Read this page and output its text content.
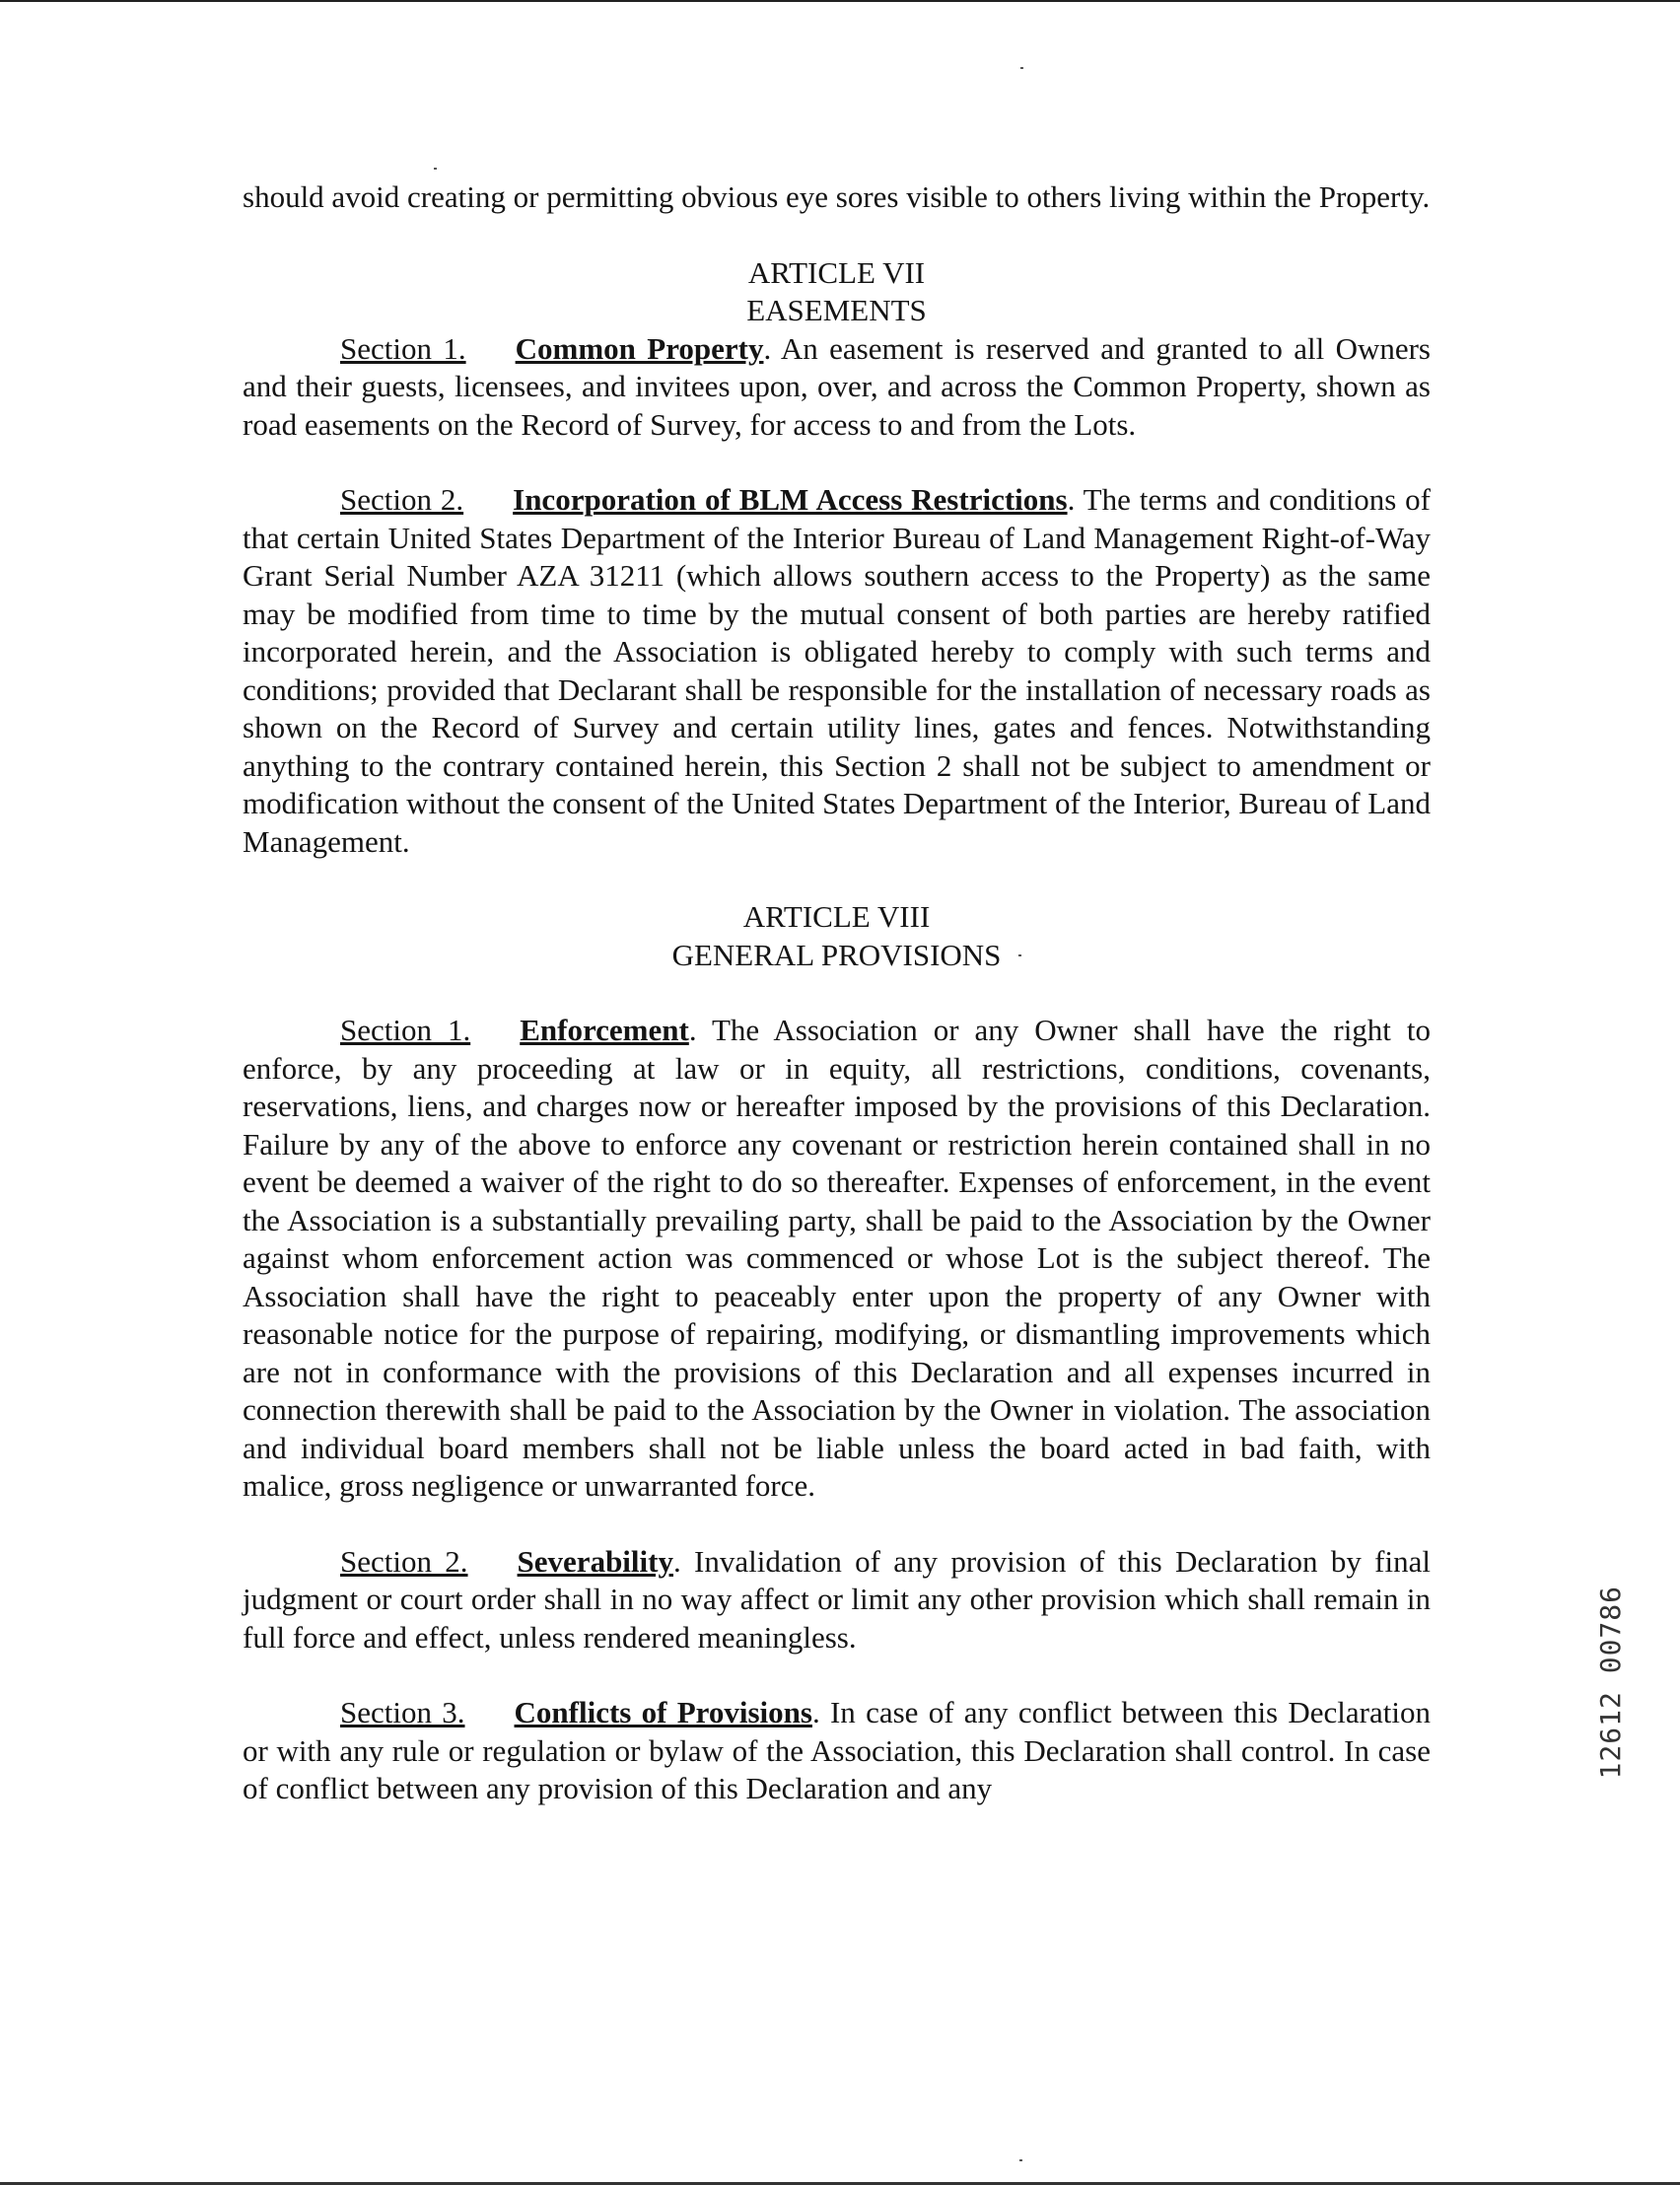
should avoid creating or permitting obvious eye sores visible to others living within the Property.

ARTICLE VII
EASEMENTS

Section 1. Common Property. An easement is reserved and granted to all Owners and their guests, licensees, and invitees upon, over, and across the Common Property, shown as road easements on the Record of Survey, for access to and from the Lots.

Section 2. Incorporation of BLM Access Restrictions. The terms and conditions of that certain United States Department of the Interior Bureau of Land Management Right-of-Way Grant Serial Number AZA 31211 (which allows southern access to the Property) as the same may be modified from time to time by the mutual consent of both parties are hereby ratified incorporated herein, and the Association is obligated hereby to comply with such terms and conditions; provided that Declarant shall be responsible for the installation of necessary roads as shown on the Record of Survey and certain utility lines, gates and fences. Notwithstanding anything to the contrary contained herein, this Section 2 shall not be subject to amendment or modification without the consent of the United States Department of the Interior, Bureau of Land Management.

ARTICLE VIII
GENERAL PROVISIONS

Section 1. Enforcement. The Association or any Owner shall have the right to enforce, by any proceeding at law or in equity, all restrictions, conditions, covenants, reservations, liens, and charges now or hereafter imposed by the provisions of this Declaration. Failure by any of the above to enforce any covenant or restriction herein contained shall in no event be deemed a waiver of the right to do so thereafter. Expenses of enforcement, in the event the Association is a substantially prevailing party, shall be paid to the Association by the Owner against whom enforcement action was commenced or whose Lot is the subject thereof. The Association shall have the right to peaceably enter upon the property of any Owner with reasonable notice for the purpose of repairing, modifying, or dismantling improvements which are not in conformance with the provisions of this Declaration and all expenses incurred in connection therewith shall be paid to the Association by the Owner in violation. The association and individual board members shall not be liable unless the board acted in bad faith, with malice, gross negligence or unwarranted force.

Section 2. Severability. Invalidation of any provision of this Declaration by final judgment or court order shall in no way affect or limit any other provision which shall remain in full force and effect, unless rendered meaningless.

Section 3. Conflicts of Provisions. In case of any conflict between this Declaration or with any rule or regulation or bylaw of the Association, this Declaration shall control. In case of conflict between any provision of this Declaration and any

12612 00786
